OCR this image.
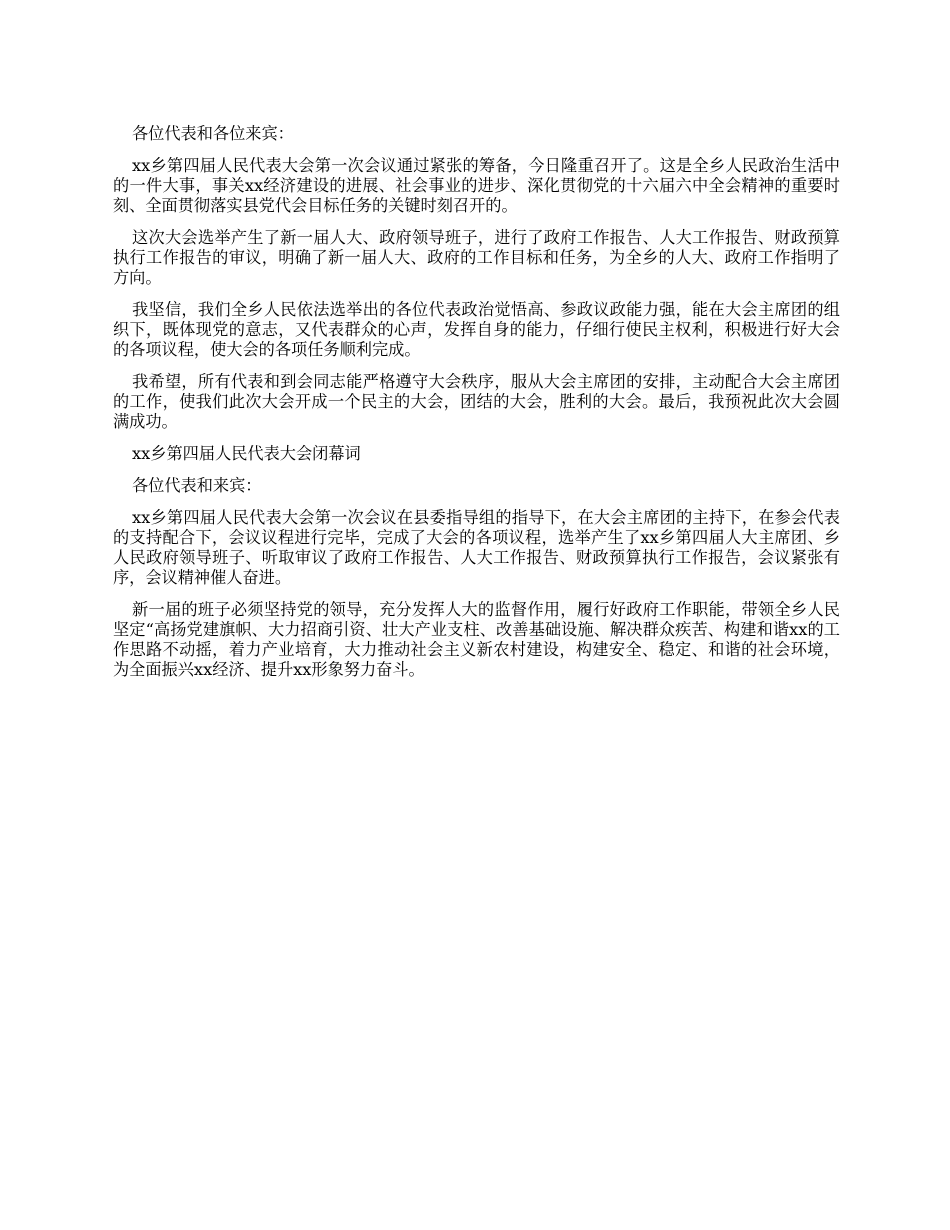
各位代表和各位来宾：

xx乡第四届人民代表大会第一次会议通过紧张的筹备，今日隆重召开了。这是全乡人民政治生活中的一件大事，事关xx经济建设的进展、社会事业的进步、深化贯彻党的十六届六中全会精神的重要时刻、全面贯彻落实县党代会目标任务的关键时刻召开的。

这次大会选举产生了新一届人大、政府领导班子，进行了政府工作报告、人大工作报告、财政预算执行工作报告的审议，明确了新一届人大、政府的工作目标和任务，为全乡的人大、政府工作指明了方向。

我坚信，我们全乡人民依法选举出的各位代表政治觉悟高、参政议政能力强，能在大会主席团的组织下，既体现党的意志，又代表群众的心声，发挥自身的能力，仔细行使民主权利，积极进行好大会的各项议程，使大会的各项任务顺利完成。

我希望，所有代表和到会同志能严格遵守大会秩序，服从大会主席团的安排，主动配合大会主席团的工作，使我们此次大会开成一个民主的大会，团结的大会，胜利的大会。最后，我预祝此次大会圆满成功。

xx乡第四届人民代表大会闭幕词

各位代表和来宾：

xx乡第四届人民代表大会第一次会议在县委指导组的指导下，在大会主席团的主持下，在参会代表的支持配合下，会议议程进行完毕，完成了大会的各项议程，选举产生了xx乡第四届人大主席团、乡人民政府领导班子、听取审议了政府工作报告、人大工作报告、财政预算执行工作报告，会议紧张有序，会议精神催人奋进。

新一届的班子必须坚持党的领导，充分发挥人大的监督作用，履行好政府工作职能，带领全乡人民坚定“高扬党建旗帜、大力招商引资、壮大产业支柱、改善基础设施、解决群众疾苦、构建和谐xx的工作思路不动摇，着力产业培育，大力推动社会主义新农村建设，构建安全、稳定、和谐的社会环境，为全面振兴xx经济、提升xx形象努力奋斗。
